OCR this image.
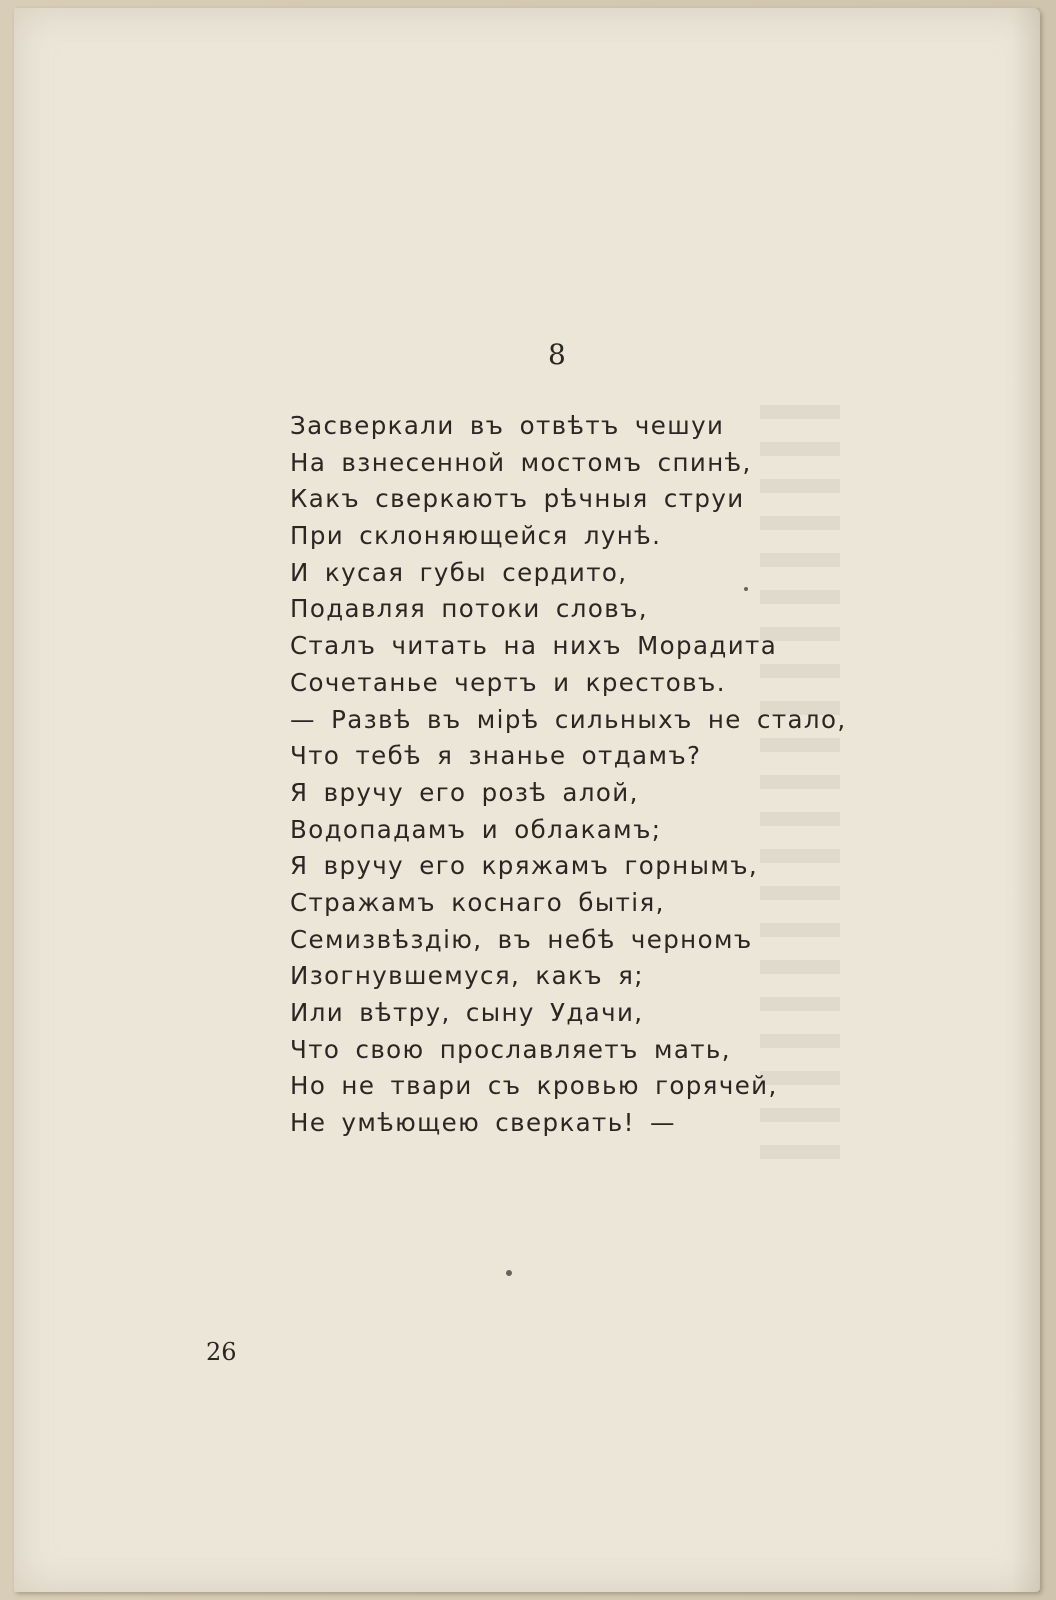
8
Засверкали въ отвѣтъ чешуи
На взнесенной мостомъ спинѣ,
Какъ сверкаютъ рѣчныя струи
При склоняющейся лунѣ.
И кусая губы сердито,
Подавляя потоки словъ,
Сталъ читать на нихъ Морадита
Сочетанье чертъ и крестовъ.
— Развѣ въ мірѣ сильныхъ не стало,
Что тебѣ я знанье отдамъ?
Я вручу его розѣ алой,
Водопадамъ и облакамъ;
Я вручу его кряжамъ горнымъ,
Стражамъ коснаго бытія,
Семизвѣздію, въ небѣ черномъ
Изогнувшемуся, какъ я;
Или вѣтру, сыну Удачи,
Что свою прославляетъ мать,
Но не твари съ кровью горячей,
Не умѣющею сверкать! —
26
